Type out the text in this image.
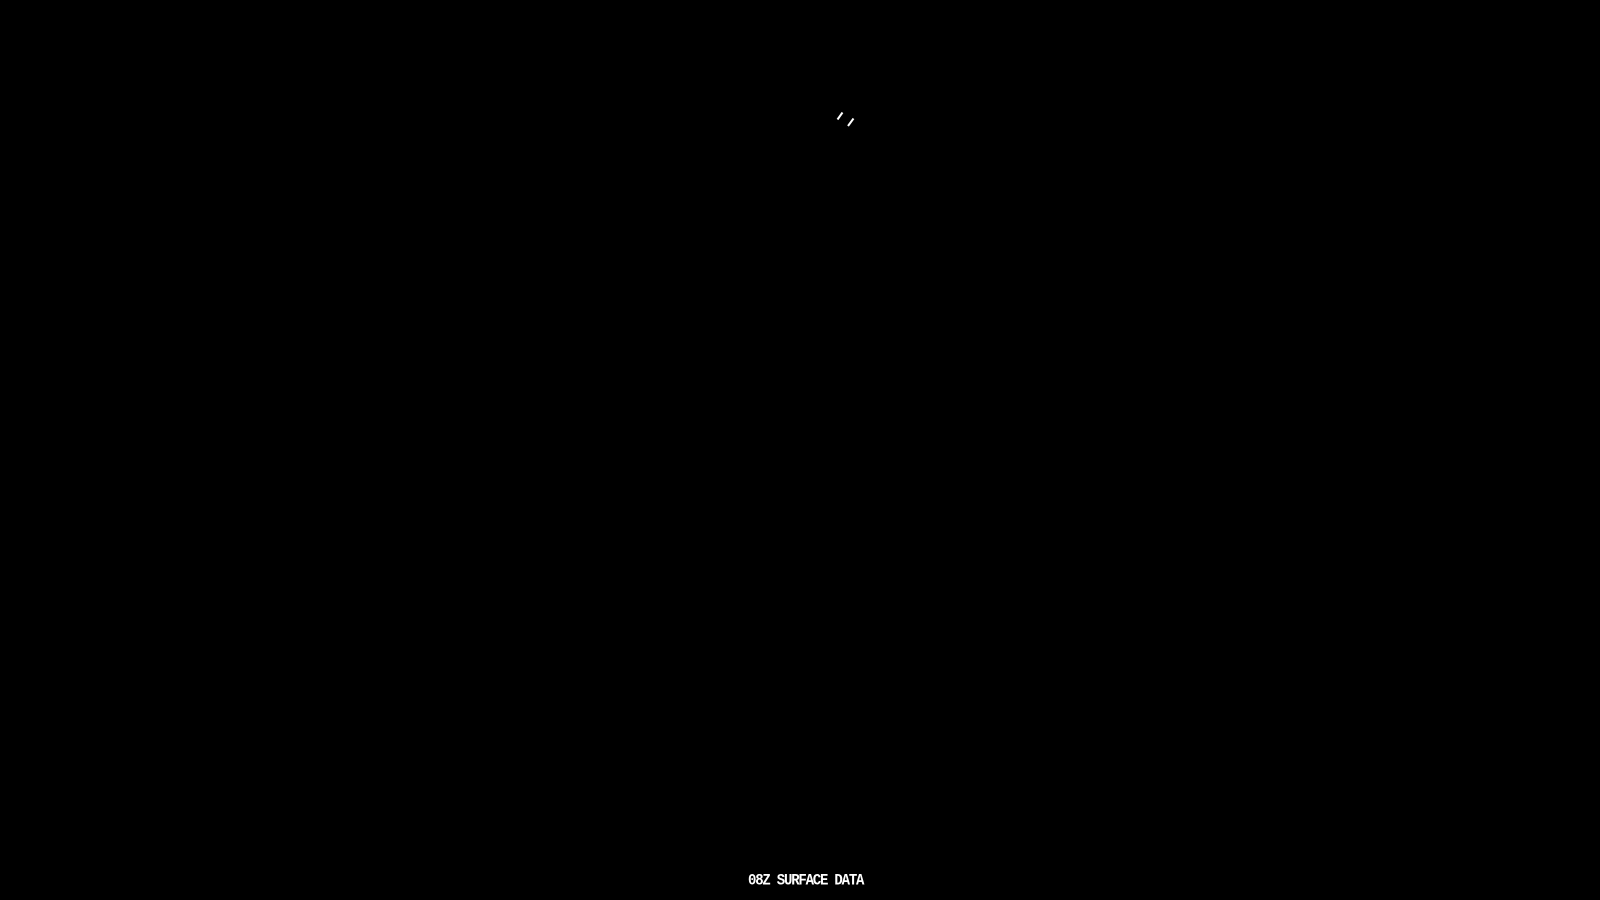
08Z SURFACE DATA
